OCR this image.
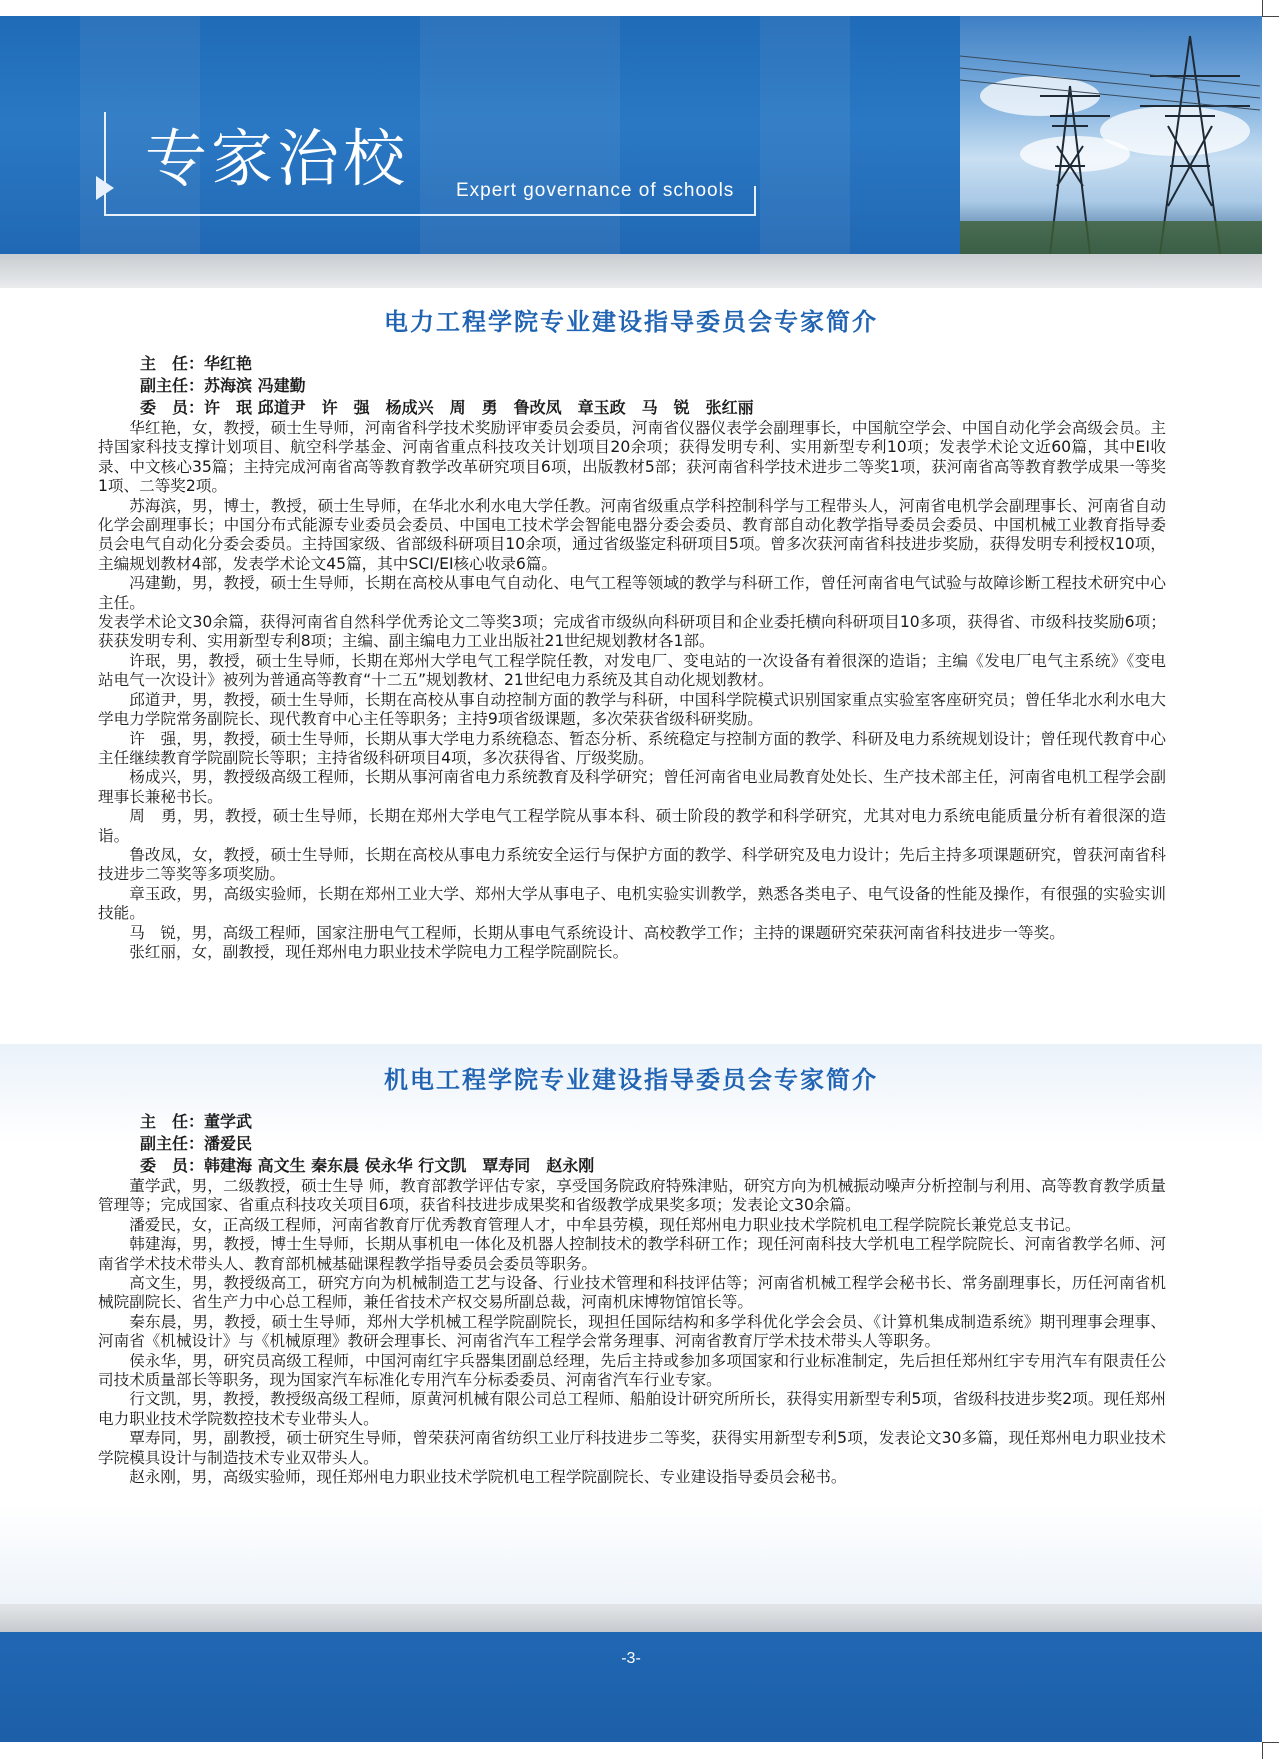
专家治校 Expert governance of schools
电力工程学院专业建设指导委员会专家简介

主　任：华红艳

副主任：苏海滨 冯建勤

委　员：许　珉 邱道尹　许　强　杨成兴　周　勇　鲁改凤　章玉政　马　锐　张红丽

华红艳，女，教授，硕士生导师，河南省科学技术奖励评审委员会委员，河南省仪器仪表学会副理事长，中国航空学会、中国自动化学会高级会员。主持国家科技支撑计划项目、航空科学基金、河南省重点科技攻关计划项目20余项；获得发明专利、实用新型专利10项；发表学术论文近60篇，其中EI收录、中文核心35篇；主持完成河南省高等教育教学改革研究项目6项，出版教材5部；获河南省科学技术进步二等奖1项，获河南省高等教育教学成果一等奖1项、二等奖2项。

苏海滨，男，博士，教授，硕士生导师，在华北水利水电大学任教。河南省级重点学科控制科学与工程带头人，河南省电机学会副理事长、河南省自动化学会副理事长；中国分布式能源专业委员会委员、中国电工技术学会智能电器分委会委员、教育部自动化教学指导委员会委员、中国机械工业教育指导委员会电气自动化分委会委员。主持国家级、省部级科研项目10余项，通过省级鉴定科研项目5项。曾多次获河南省科技进步奖励，获得发明专利授权10项，主编规划教材4部，发表学术论文45篇，其中SCI/EI核心收录6篇。

冯建勤，男，教授，硕士生导师，长期在高校从事电气自动化、电气工程等领域的教学与科研工作，曾任河南省电气试验与故障诊断工程技术研究中心主任。

发表学术论文30余篇，获得河南省自然科学优秀论文二等奖3项；完成省市级纵向科研项目和企业委托横向科研项目10多项，获得省、市级科技奖励6项；获获发明专利、实用新型专利8项；主编、副主编电力工业出版社21世纪规划教材各1部。

许珉，男，教授，硕士生导师，长期在郑州大学电气工程学院任教，对发电厂、变电站的一次设备有着很深的造诣；主编《发电厂电气主系统》《变电站电气一次设计》被列为普通高等教育“十二五”规划教材、21世纪电力系统及其自动化规划教材。

邱道尹，男，教授，硕士生导师，长期在高校从事自动控制方面的教学与科研，中国科学院模式识别国家重点实验室客座研究员；曾任华北水利水电大学电力学院常务副院长、现代教育中心主任等职务；主持9项省级课题，多次荣获省级科研奖励。

许　强，男，教授，硕士生导师，长期从事大学电力系统稳态、暂态分析、系统稳定与控制方面的教学、科研及电力系统规划设计；曾任现代教育中心主任继续教育学院副院长等职；主持省级科研项目4项，多次获得省、厅级奖励。

杨成兴，男，教授级高级工程师，长期从事河南省电力系统教育及科学研究；曾任河南省电业局教育处处长、生产技术部主任，河南省电机工程学会副理事长兼秘书长。

周　勇，男，教授，硕士生导师，长期在郑州大学电气工程学院从事本科、硕士阶段的教学和科学研究，尤其对电力系统电能质量分析有着很深的造诣。

鲁改凤，女，教授，硕士生导师，长期在高校从事电力系统安全运行与保护方面的教学、科学研究及电力设计；先后主持多项课题研究，曾获河南省科技进步二等奖等多项奖励。

章玉政，男，高级实验师，长期在郑州工业大学、郑州大学从事电子、电机实验实训教学，熟悉各类电子、电气设备的性能及操作，有很强的实验实训技能。

马　锐，男，高级工程师，国家注册电气工程师，长期从事电气系统设计、高校教学工作；主持的课题研究荣获河南省科技进步一等奖。

张红丽，女，副教授，现任郑州电力职业技术学院电力工程学院副院长。

机电工程学院专业建设指导委员会专家简介

主　任：董学武

副主任：潘爱民

委　员：韩建海 高文生 秦东晨 侯永华 行文凯　覃寿同　赵永刚

董学武，男，二级教授，硕士生导 师，教育部教学评估专家，享受国务院政府特殊津贴，研究方向为机械振动噪声分析控制与利用、高等教育教学质量管理等；完成国家、省重点科技攻关项目6项，获省科技进步成果奖和省级教学成果奖多项；发表论文30余篇。

潘爱民，女，正高级工程师，河南省教育厅优秀教育管理人才，中牟县劳模，现任郑州电力职业技术学院机电工程学院院长兼党总支书记。

韩建海，男，教授，博士生导师，长期从事机电一体化及机器人控制技术的教学科研工作；现任河南科技大学机电工程学院院长、河南省教学名师、河南省学术技术带头人、教育部机械基础课程教学指导委员会委员等职务。

高文生，男，教授级高工，研究方向为机械制造工艺与设备、行业技术管理和科技评估等；河南省机械工程学会秘书长、常务副理事长，历任河南省机械院副院长、省生产力中心总工程师，兼任省技术产权交易所副总裁，河南机床博物馆馆长等。

秦东晨，男，教授，硕士生导师，郑州大学机械工程学院副院长，现担任国际结构和多学科优化学会会员、《计算机集成制造系统》期刊理事会理事、河南省《机械设计》与《机械原理》教研会理事长、河南省汽车工程学会常务理事、河南省教育厅学术技术带头人等职务。

侯永华，男，研究员高级工程师，中国河南红宇兵器集团副总经理，先后主持或参加多项国家和行业标准制定，先后担任郑州红宇专用汽车有限责任公司技术质量部长等职务，现为国家汽车标准化专用汽车分标委委员、河南省汽车行业专家。

行文凯，男，教授，教授级高级工程师，原黄河机械有限公司总工程师、船舶设计研究所所长，获得实用新型专利5项，省级科技进步奖2项。现任郑州电力职业技术学院数控技术专业带头人。

覃寿同，男，副教授，硕士研究生导师，曾荣获河南省纺织工业厅科技进步二等奖，获得实用新型专利5项，发表论文30多篇，现任郑州电力职业技术学院模具设计与制造技术专业双带头人。

赵永刚，男，高级实验师，现任郑州电力职业技术学院机电工程学院副院长、专业建设指导委员会秘书。

-3-
